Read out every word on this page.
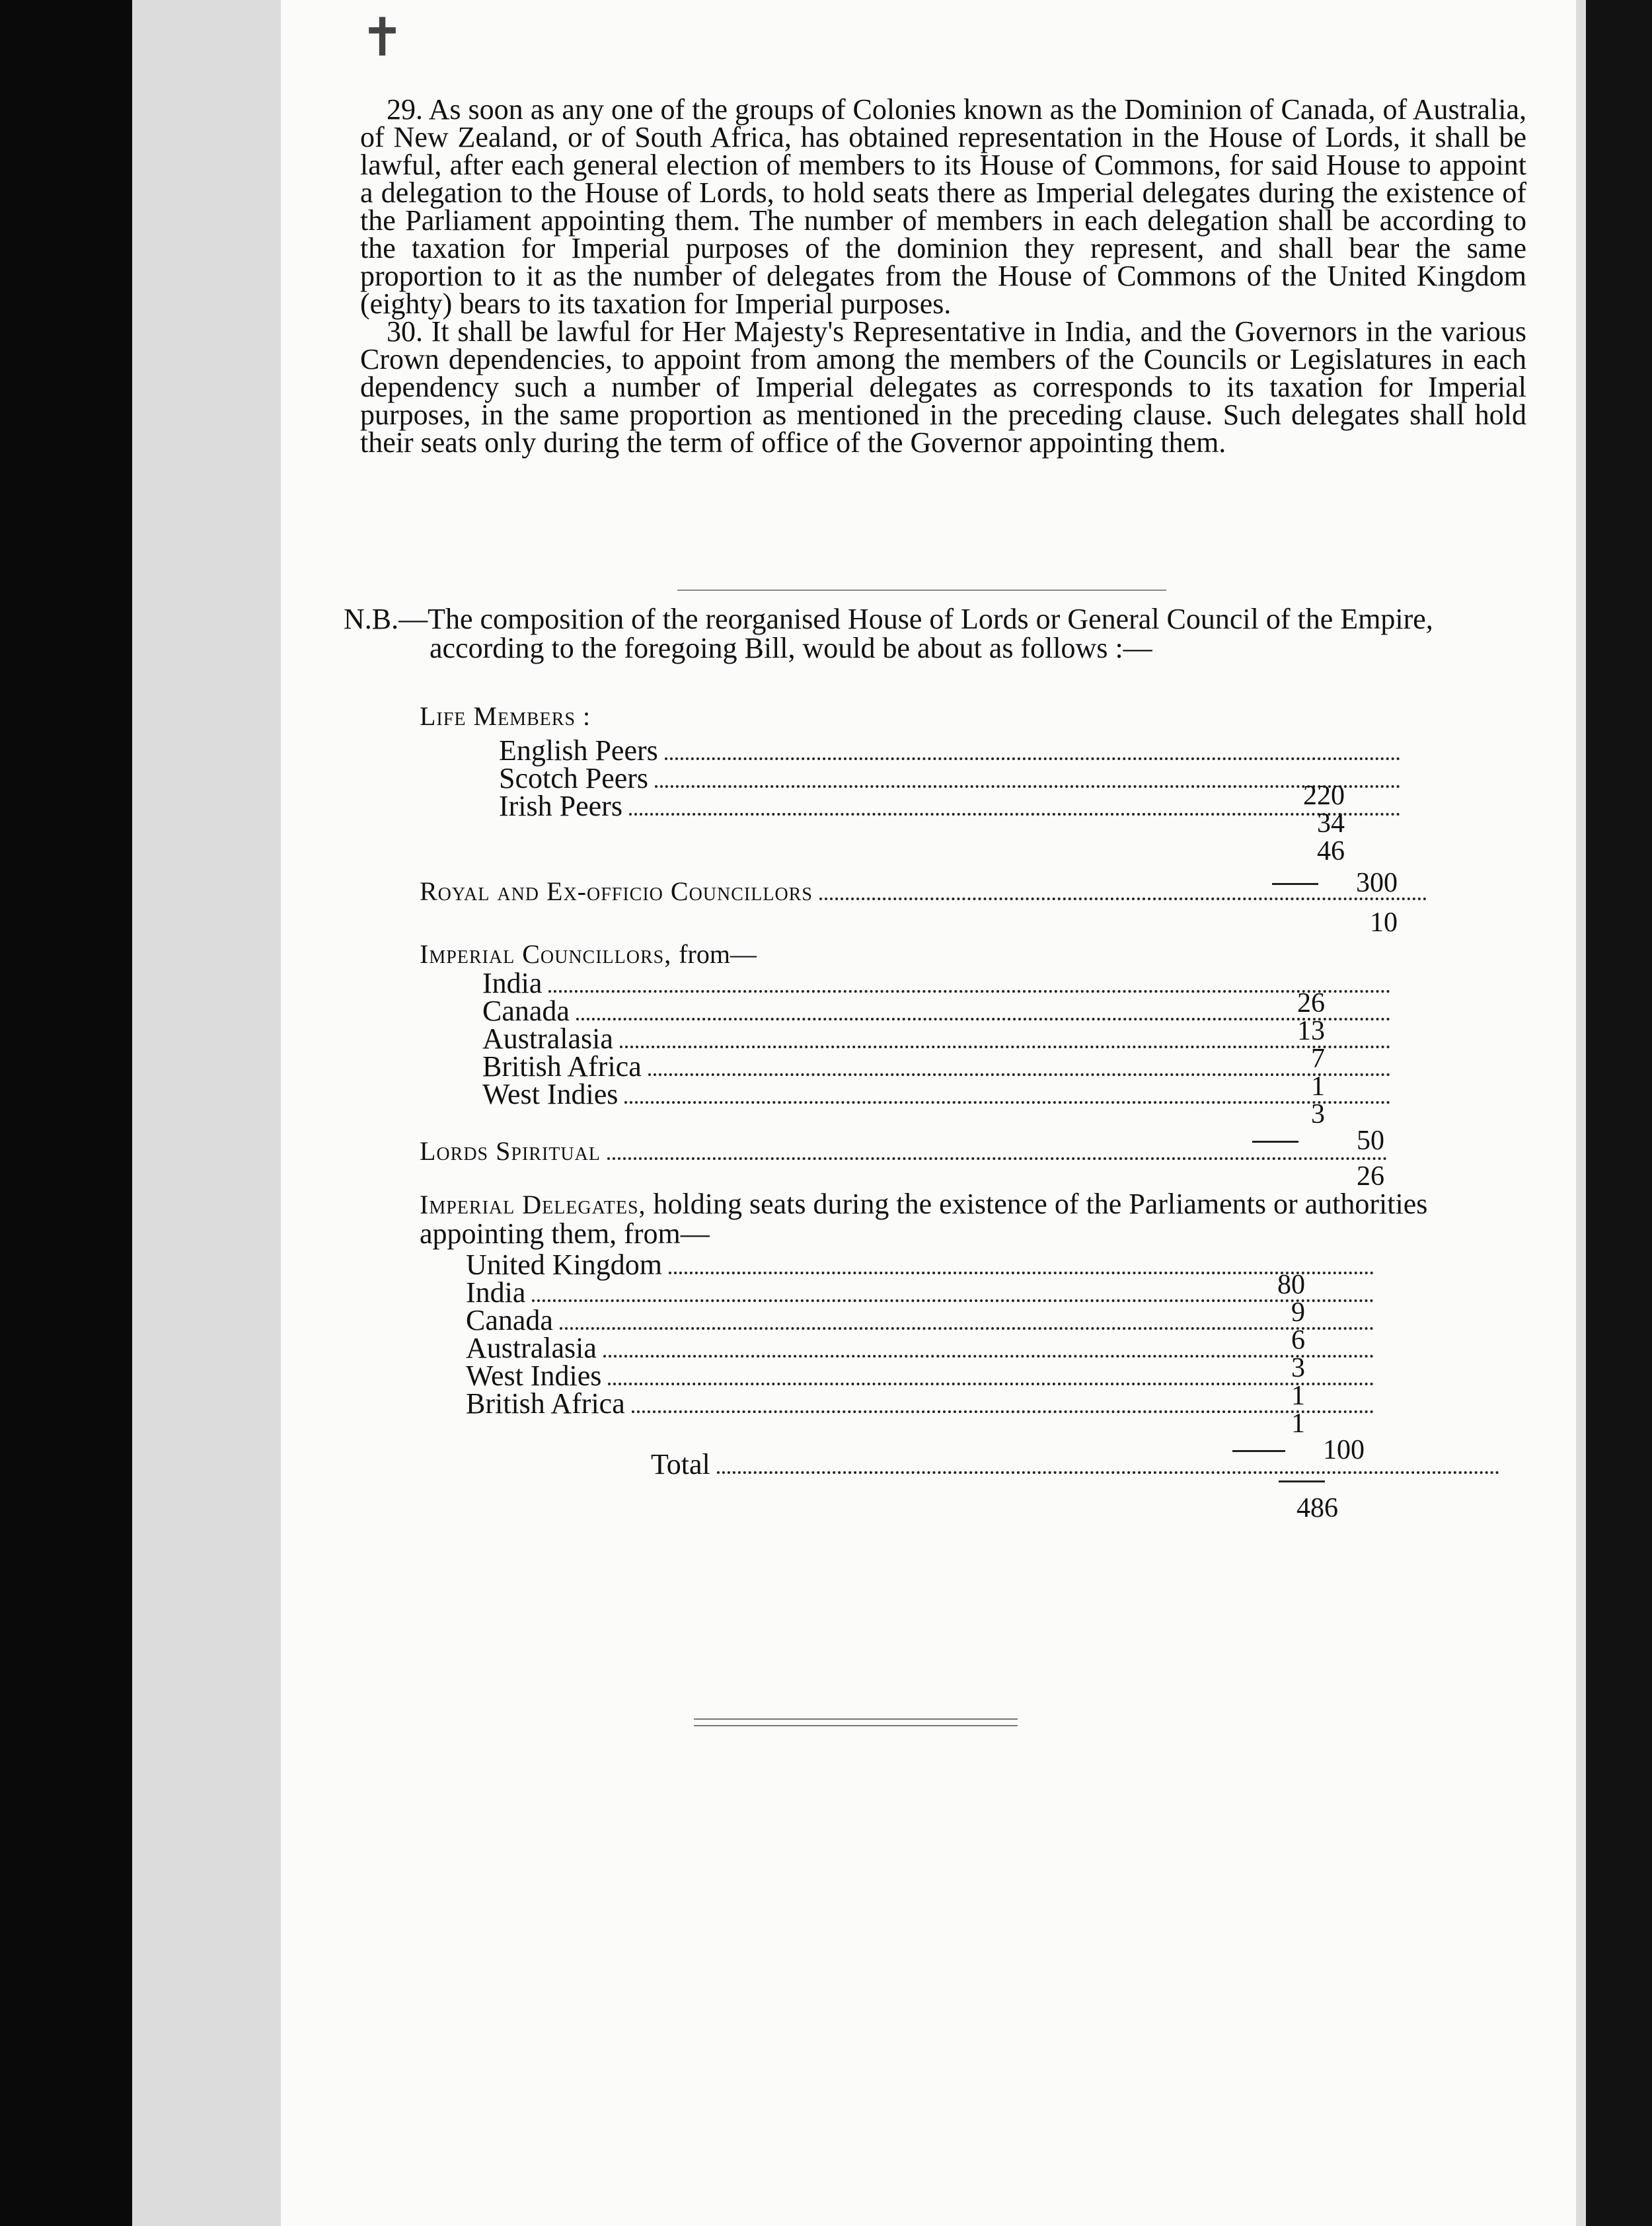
✝

29. As soon as any one of the groups of Colonies known as the Dominion of Canada, of Australia, of New Zealand, or of South Africa, has obtained representation in the House of Lords, it shall be lawful, after each general election of members to its House of Commons, for said House to appoint a delegation to the House of Lords, to hold seats there as Imperial delegates during the existence of the Parliament appointing them. The number of members in each delegation shall be according to the taxation for Imperial purposes of the dominion they represent, and shall bear the same proportion to it as the number of delegates from the House of Commons of the United Kingdom (eighty) bears to its taxation for Imperial purposes.

30. It shall be lawful for Her Majesty's Representative in India, and the Governors in the various Crown dependencies, to appoint from among the members of the Councils or Legislatures in each dependency such a number of Imperial delegates as corresponds to its taxation for Imperial purposes, in the same proportion as mentioned in the preceding clause. Such delegates shall hold their seats only during the term of office of the Governor appointing them.

N.B.—The composition of the reorganised House of Lords or General Council of the Empire, according to the foregoing Bill, would be about as follows :—

Life Members :
English Peers
Scotch Peers
Irish Peers	220
34
46
300
Royal and Ex-officio Councillors
10
Imperial Councillors, from—
India
Canada
Australasia
British Africa
West Indies
26
13
7
1
3
50
Lords Spiritual
26
Imperial Delegates, holding seats during the existence of the Parliaments or authorities appointing them, from—
United Kingdom
India
Canada
Australasia
West Indies
British Africa
80
9
6
3
1
1
100
Total
486
